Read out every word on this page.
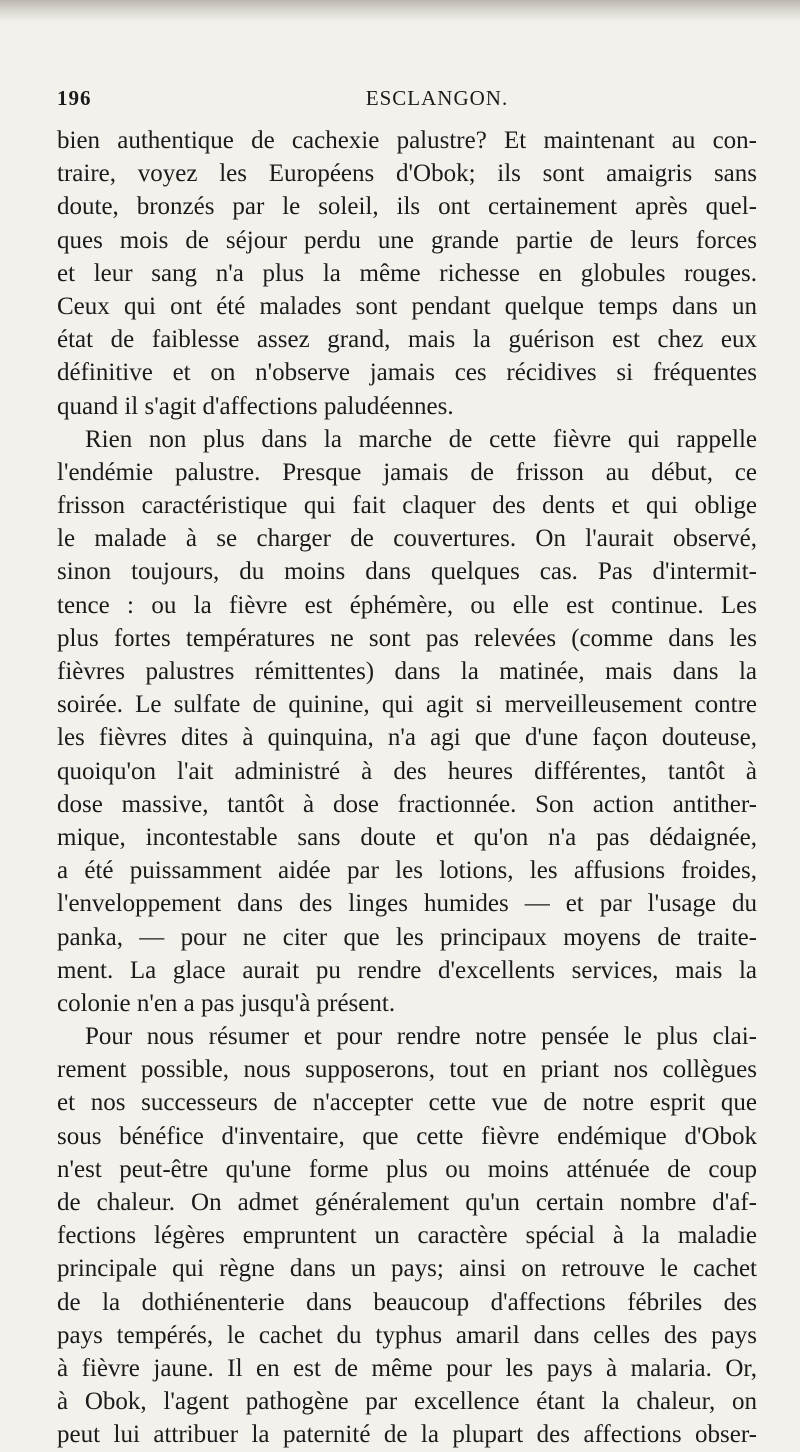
196	ESCLANGON.
bien authentique de cachexie palustre? Et maintenant au con-
traire, voyez les Européens d'Obok; ils sont amaigris sans
doute, bronzés par le soleil, ils ont certainement après quel-
ques mois de séjour perdu une grande partie de leurs forces
et leur sang n'a plus la même richesse en globules rouges.
Ceux qui ont été malades sont pendant quelque temps dans un
état de faiblesse assez grand, mais la guérison est chez eux
définitive et on n'observe jamais ces récidives si fréquentes
quand il s'agit d'affections paludéennes.
Rien non plus dans la marche de cette fièvre qui rappelle
l'endémie palustre. Presque jamais de frisson au début, ce
frisson caractéristique qui fait claquer des dents et qui oblige
le malade à se charger de couvertures. On l'aurait observé,
sinon toujours, du moins dans quelques cas. Pas d'intermit-
tence : ou la fièvre est éphémère, ou elle est continue. Les
plus fortes températures ne sont pas relevées (comme dans les
fièvres palustres rémittentes) dans la matinée, mais dans la
soirée. Le sulfate de quinine, qui agit si merveilleusement contre
les fièvres dites à quinquina, n'a agi que d'une façon douteuse,
quoiqu'on l'ait administré à des heures différentes, tantôt à
dose massive, tantôt à dose fractionnée. Son action antither-
mique, incontestable sans doute et qu'on n'a pas dédaignée,
a été puissamment aidée par les lotions, les affusions froides,
l'enveloppement dans des linges humides — et par l'usage du
panka, — pour ne citer que les principaux moyens de traite-
ment. La glace aurait pu rendre d'excellents services, mais la
colonie n'en a pas jusqu'à présent.
Pour nous résumer et pour rendre notre pensée le plus clai-
rement possible, nous supposerons, tout en priant nos collègues
et nos successeurs de n'accepter cette vue de notre esprit que
sous bénéfice d'inventaire, que cette fièvre endémique d'Obok
n'est peut-être qu'une forme plus ou moins atténuée de coup
de chaleur. On admet généralement qu'un certain nombre d'af-
fections légères empruntent un caractère spécial à la maladie
principale qui règne dans un pays; ainsi on retrouve le cachet
de la dothiénenterie dans beaucoup d'affections fébriles des
pays tempérés, le cachet du typhus amaril dans celles des pays
à fièvre jaune. Il en est de même pour les pays à malaria. Or,
à Obok, l'agent pathogène par excellence étant la chaleur, on
peut lui attribuer la paternité de la plupart des affections obser-
